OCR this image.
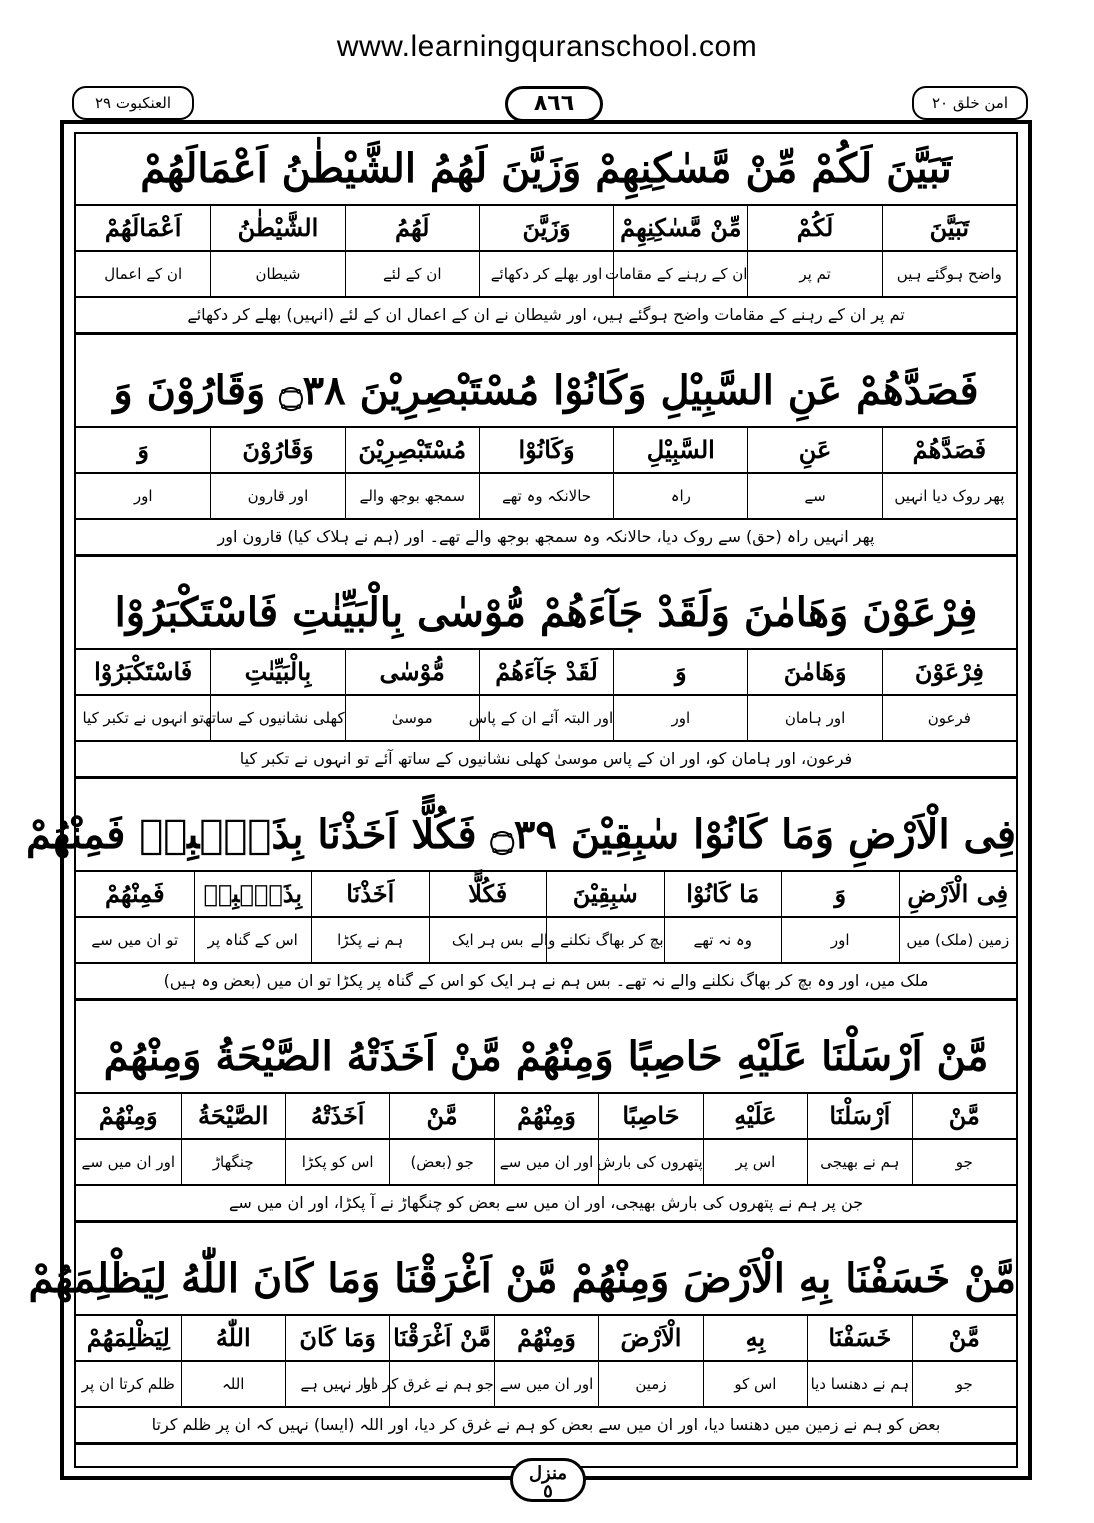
www.learningquranschool.com
العنكبوت ٢٩	٨٦٦	امن خلق ٢٠
تَبَيَّنَ لَكُمْ مِّنْ مَّسٰكِنِهِمْ وَزَيَّنَ لَهُمُ الشَّيْطٰنُ اَعْمَالَهُمْ
تَبَيَّنَ
لَكُمْ
مِّنْ مَّسٰكِنِهِمْ
وَزَيَّنَ
لَهُمُ
الشَّيْطٰنُ
اَعْمَالَهُمْ
واضح ہوگئے ہیں
تم پر
ان کے رہنے کے مقامات
اور بھلے کر دکھائے
ان کے لئے
شیطان
ان کے اعمال
تم پر ان کے رہنے کے مقامات واضح ہوگئے ہیں، اور شیطان نے ان کے اعمال ان کے لئے (انہیں) بھلے کر دکھائے
فَصَدَّهُمْ عَنِ السَّبِيْلِ وَكَانُوْا مُسْتَبْصِرِيْنَ ۝٣٨ وَقَارُوْنَ وَ
فَصَدَّهُمْ
عَنِ
السَّبِيْلِ
وَكَانُوْا
مُسْتَبْصِرِيْنَ
وَقَارُوْنَ
وَ
پھر روک دیا انہیں
سے
راہ
حالانکہ وہ تھے
سمجھ بوجھ والے
اور قارون
اور
پھر انہیں راہ (حق) سے روک دیا، حالانکہ وہ سمجھ بوجھ والے تھے۔ اور (ہم نے ہلاک کیا) قارون اور
فِرْعَوْنَ وَهَامٰنَ وَلَقَدْ جَآءَهُمْ مُّوْسٰى بِالْبَيِّنٰتِ فَاسْتَكْبَرُوْا
فِرْعَوْنَ
وَهَامٰنَ
وَ
لَقَدْ جَآءَهُمْ
مُّوْسٰى
بِالْبَيِّنٰتِ
فَاسْتَكْبَرُوْا
فرعون
اور ہامان
اور
اور البتہ آئے ان کے پاس
موسیٰ
کھلی نشانیوں کے ساتھ
تو انہوں نے تکبر کیا
فرعون، اور ہامان کو، اور ان کے پاس موسیٰ کھلی نشانیوں کے ساتھ آئے تو انہوں نے تکبر کیا
فِى الْاَرْضِ وَمَا كَانُوْا سٰبِقِيْنَ ۝٣٩ فَكُلًّا اَخَذْنَا بِذَنْۢبِهٖ فَمِنْهُمْ
فِى الْاَرْضِ
وَ
مَا كَانُوْا
سٰبِقِيْنَ
فَكُلًّا
اَخَذْنَا
بِذَنْۢبِهٖ
فَمِنْهُمْ
زمین (ملک) میں
اور
وہ نہ تھے
بچ کر بھاگ نکلنے والے
بس ہر ایک
ہم نے پکڑا
اس کے گناہ پر
تو ان میں سے
ملک میں، اور وہ بچ کر بھاگ نکلنے والے نہ تھے۔ بس ہم نے ہر ایک کو اس کے گناہ پر پکڑا تو ان میں (بعض وہ ہیں)
مَّنْ اَرْسَلْنَا عَلَيْهِ حَاصِبًا وَمِنْهُمْ مَّنْ اَخَذَتْهُ الصَّيْحَةُ وَمِنْهُمْ
مَّنْ
اَرْسَلْنَا
عَلَيْهِ
حَاصِبًا
وَمِنْهُمْ
مَّنْ
اَخَذَتْهُ
الصَّيْحَةُ
وَمِنْهُمْ
جو
ہم نے بھیجی
اس پر
پتھروں کی بارش
اور ان میں سے
جو (بعض)
اس کو پکڑا
چنگھاڑ
اور ان میں سے
جن پر ہم نے پتھروں کی بارش بھیجی، اور ان میں سے بعض کو چنگھاڑ نے آ پکڑا، اور ان میں سے
مَّنْ خَسَفْنَا بِهِ الْاَرْضَ وَمِنْهُمْ مَّنْ اَغْرَقْنَا وَمَا كَانَ اللّٰهُ لِيَظْلِمَهُمْ
مَّنْ
خَسَفْنَا
بِهِ
الْاَرْضَ
وَمِنْهُمْ
مَّنْ اَغْرَقْنَا
وَمَا كَانَ
اللّٰهُ
لِيَظْلِمَهُمْ
جو
ہم نے دھنسا دیا
اس کو
زمین
اور ان میں سے
جو ہم نے غرق کر دیا
اور نہیں ہے
اللہ
ظلم کرتا ان پر
بعض کو ہم نے زمین میں دھنسا دیا، اور ان میں سے بعض کو ہم نے غرق کر دیا، اور اللہ (ایسا) نہیں کہ ان پر ظلم کرتا
منزل
٥
